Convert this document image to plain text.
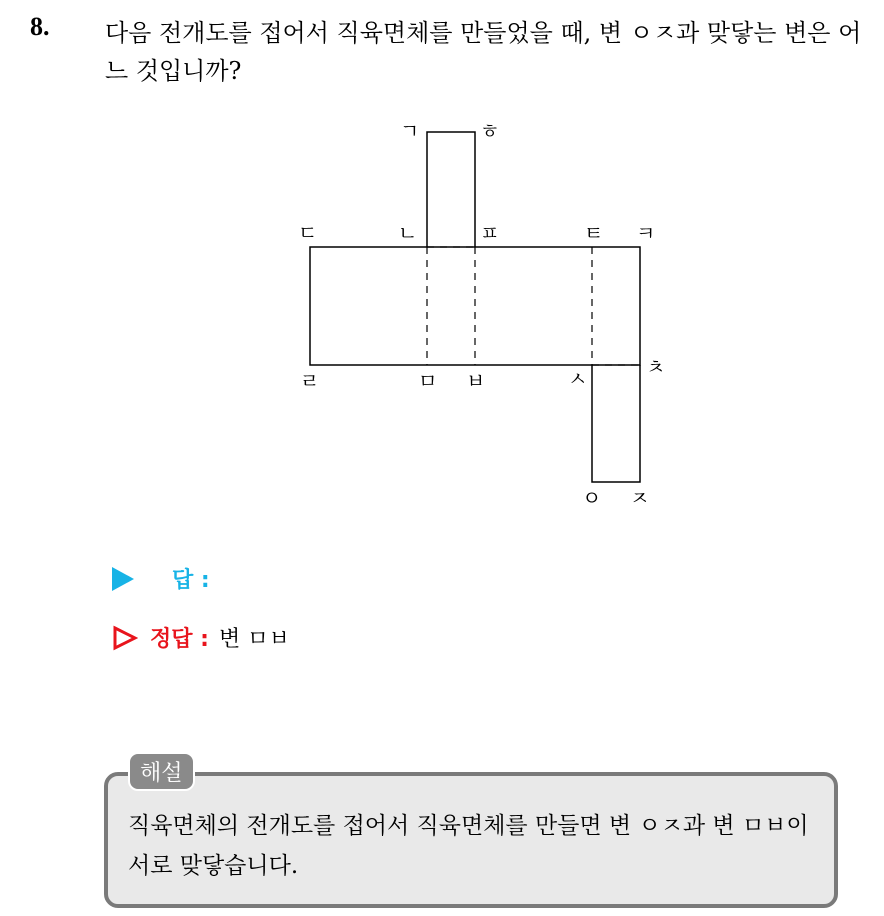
8. 다음 전개도를 접어서 직육면체를 만들었을 때, 변 ㅇㅈ과 맞닿는 변은 어느 것입니까?
ㄱ	ㅎ
ㄷ	ㄴ	ㅍ	ㅌ ㅋ
ㄹ	ㅁ ㅂ	ㅅ	ㅊ
ㅇ ㅈ
답 :
정답 : 변 ㅁㅂ
해설
직육면체의 전개도를 접어서 직육면체를 만들면 변 ㅇㅈ과 변 ㅁㅂ이 서로 맞닿습니다.
